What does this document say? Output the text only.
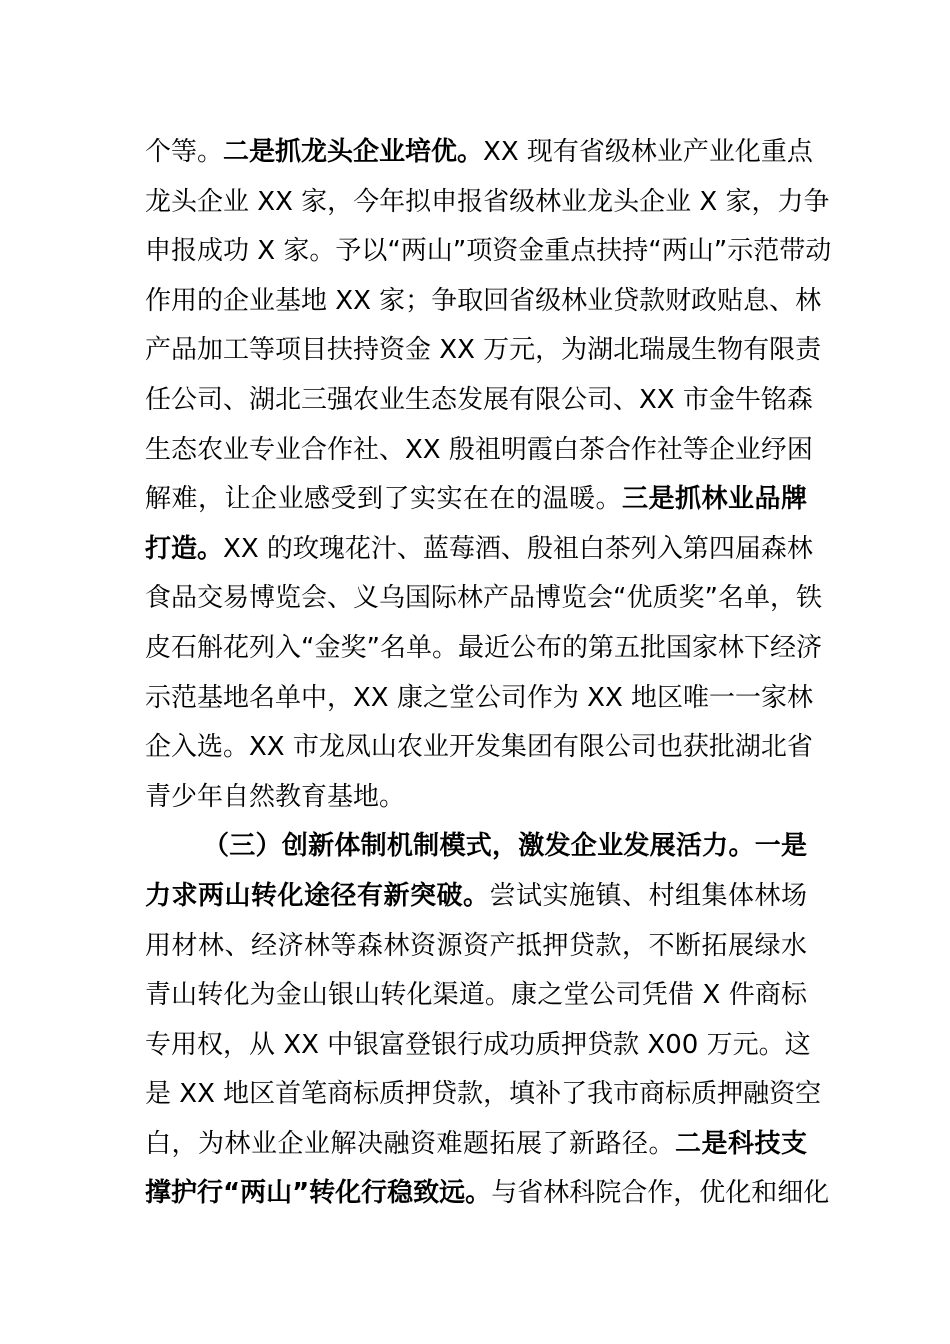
个等。二是抓龙头企业培优。XX 现有省级林业产业化重点
龙头企业 XX 家，今年拟申报省级林业龙头企业 X 家，力争
申报成功 X 家。予以“两山”项资金重点扶持“两山”示范带动
作用的企业基地 XX 家；争取回省级林业贷款财政贴息、林
产品加工等项目扶持资金 XX 万元，为湖北瑞晟生物有限责
任公司、湖北三强农业生态发展有限公司、XX 市金牛铭森
生态农业专业合作社、XX 殷祖明霞白茶合作社等企业纾困
解难，让企业感受到了实实在在的温暖。三是抓林业品牌
打造。XX 的玫瑰花汁、蓝莓酒、殷祖白茶列入第四届森林
食品交易博览会、义乌国际林产品博览会“优质奖”名单，铁
皮石斛花列入“金奖”名单。最近公布的第五批国家林下经济
示范基地名单中，XX 康之堂公司作为 XX 地区唯一一家林
企入选。XX 市龙凤山农业开发集团有限公司也获批湖北省
青少年自然教育基地。
（三）创新体制机制模式，激发企业发展活力。一是
力求两山转化途径有新突破。尝试实施镇、村组集体林场
用材林、经济林等森林资源资产抵押贷款，不断拓展绿水
青山转化为金山银山转化渠道。康之堂公司凭借 X 件商标
专用权，从 XX 中银富登银行成功质押贷款 X00 万元。这
是 XX 地区首笔商标质押贷款，填补了我市商标质押融资空
白，为林业企业解决融资难题拓展了新路径。二是科技支
撑护行“两山”转化行稳致远。与省林科院合作，优化和细化
